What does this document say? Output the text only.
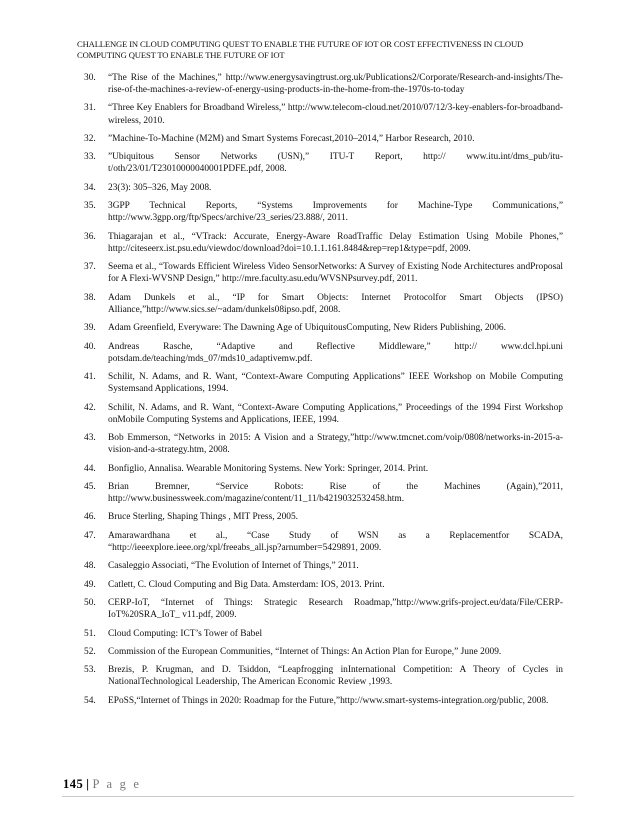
CHALLENGE IN CLOUD COMPUTING QUEST TO ENABLE THE FUTURE OF IOT OR COST EFFECTIVENESS IN CLOUD
COMPUTING QUEST TO ENABLE THE FUTURE OF IOT
30.	“The Rise of the Machines,” http://www.energysavingtrust.org.uk/Publications2/Corporate/Research-and-insights/The-rise-of-the-machines-a-review-of-energy-using-products-in-the-home-from-the-1970s-to-today
31.	“Three Key Enablers for Broadband Wireless,” http://www.telecom-cloud.net/2010/07/12/3-key-enablers-for-broadband-wireless, 2010.
32.	”Machine-To-Machine (M2M) and Smart Systems Forecast,2010–2014,” Harbor Research, 2010.
33.	”Ubiquitous Sensor Networks (USN),” ITU-T Report, http:// www.itu.int/dms_pub/itu-t/oth/23/01/T23010000040001PDFE.pdf, 2008.
34.	23(3): 305–326, May 2008.
35.	3GPP Technical Reports, “Systems Improvements for Machine-Type Communications,” http://www.3gpp.org/ftp/Specs/archive/23_series/23.888/, 2011.
36.	Thiagarajan et al., “VTrack: Accurate, Energy-Aware RoadTraffic Delay Estimation Using Mobile Phones,” http://citeseerx.ist.psu.edu/viewdoc/download?doi=10.1.1.161.8484&rep=rep1&type=pdf, 2009.
37.	Seema et al., “Towards Efficient Wireless Video SensorNetworks: A Survey of Existing Node Architectures andProposal for A Flexi-WVSNP Design,” http://mre.faculty.asu.edu/WVSNPsurvey.pdf, 2011.
38.	Adam Dunkels et al., “IP for Smart Objects: Internet Protocolfor Smart Objects (IPSO) Alliance,”http://www.sics.se/~adam/dunkels08ipso.pdf, 2008.
39.	Adam Greenfield, Everyware: The Dawning Age of UbiquitousComputing, New Riders Publishing, 2006.
40.	Andreas Rasche, “Adaptive and Reflective Middleware,” http:// www.dcl.hpi.uni potsdam.de/teaching/mds_07/mds10_adaptivemw.pdf.
41.	Schilit, N. Adams, and R. Want, “Context-Aware Computing Applications” IEEE Workshop on Mobile Computing Systemsand Applications, 1994.
42.	Schilit, N. Adams, and R. Want, “Context-Aware Computing Applications,” Proceedings of the 1994 First Workshop onMobile Computing Systems and Applications, IEEE, 1994.
43.	Bob Emmerson, “Networks in 2015: A Vision and a Strategy,”http://www.tmcnet.com/voip/0808/networks-in-2015-a-vision-and-a-strategy.htm, 2008.
44.	Bonfiglio, Annalisa. Wearable Monitoring Systems. New York: Springer, 2014. Print.
45.	Brian Bremner, “Service Robots: Rise of the Machines (Again),”2011, http://www.businessweek.com/magazine/content/11_11/b4219032532458.htm.
46.	Bruce Sterling, Shaping Things , MIT Press, 2005.
47.	Amarawardhana et al., “Case Study of WSN as a Replacementfor SCADA, “http://ieeexplore.ieee.org/xpl/freeabs_all.jsp?arnumber=5429891, 2009.
48.	Casaleggio Associati, “The Evolution of Internet of Things,” 2011.
49.	Catlett, C. Cloud Computing and Big Data. Amsterdam: IOS, 2013. Print.
50.	CERP-IoT, “Internet of Things: Strategic Research Roadmap,”http://www.grifs-project.eu/data/File/CERP-IoT%20SRA_IoT_ v11.pdf, 2009.
51.	Cloud Computing: ICT’s Tower of Babel
52.	Commission of the European Communities, “Internet of Things: An Action Plan for Europe,” June 2009.
53.	Brezis, P. Krugman, and D. Tsiddon, “Leapfrogging inInternational Competition: A Theory of Cycles in NationalTechnological Leadership, The American Economic Review ,1993.
54.	EPoSS,“Internet of Things in 2020: Roadmap for the Future,”http://www.smart-systems-integration.org/public, 2008.
145 | P a g e
